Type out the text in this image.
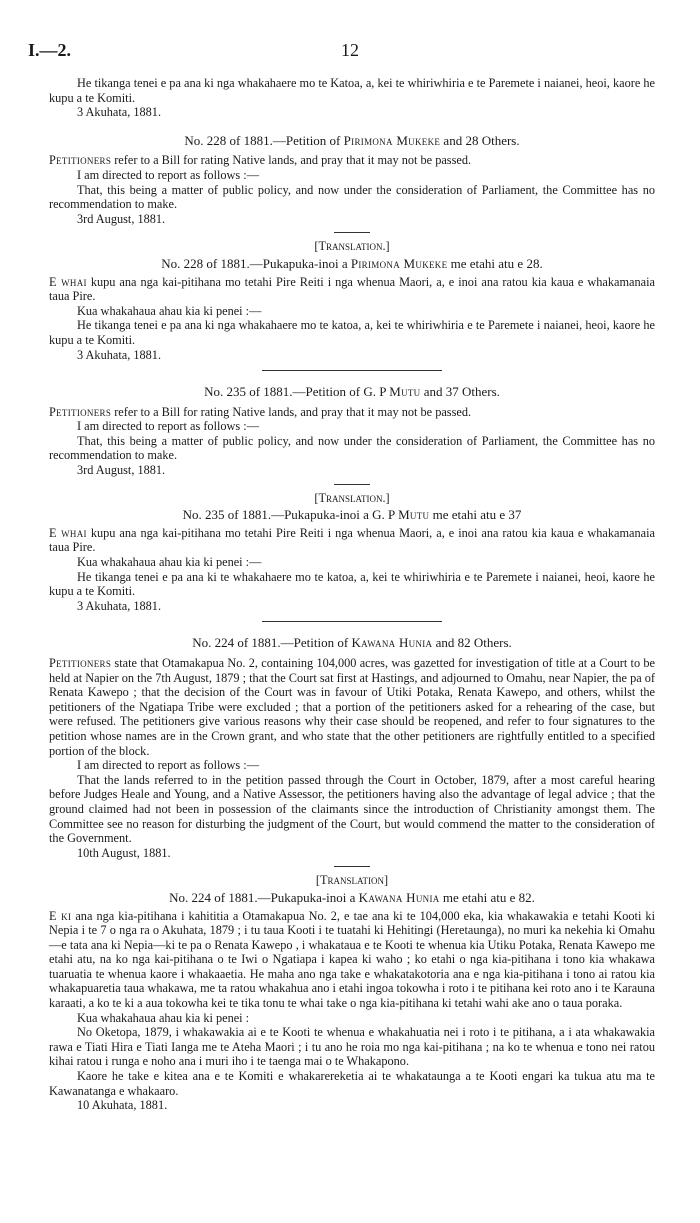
I.—2.	12

He tikanga tenei e pa ana ki nga whakahaere mo te Katoa, a, kei te whiriwhiria e te Paremete i naianei, heoi, kaore he kupu a te Komiti.

3 Akuhata, 1881.

No. 228 of 1881.—Petition of Pirimona Mukeke and 28 Others.

Petitioners refer to a Bill for rating Native lands, and pray that it may not be passed.

I am directed to report as follows :—

That, this being a matter of public policy, and now under the consideration of Parliament, the Committee has no recommendation to make.

3rd August, 1881.

[Translation.]
No. 228 of 1881.—Pukapuka-inoi a Pirimona Mukeke me etahi atu e 28.

E whai kupu ana nga kai-pitihana mo tetahi Pire Reiti i nga whenua Maori, a, e inoi ana ratou kia kaua e whakamanaia taua Pire.

Kua whakahaua ahau kia ki penei :—

He tikanga tenei e pa ana ki nga whakahaere mo te katoa, a, kei te whiriwhiria e te Paremete i naianei, heoi, kaore he kupu a te Komiti.

3 Akuhata, 1881.

No. 235 of 1881.—Petition of G. P Mutu and 37 Others.

Petitioners refer to a Bill for rating Native lands, and pray that it may not be passed.

I am directed to report as follows :—

That, this being a matter of public policy, and now under the consideration of Parliament, the Committee has no recommendation to make.

3rd August, 1881.

[Translation.]
No. 235 of 1881.—Pukapuka-inoi a G. P Mutu me etahi atu e 37

E whai kupu ana nga kai-pitihana mo tetahi Pire Reiti i nga whenua Maori, a, e inoi ana ratou kia kaua e whakamanaia taua Pire.

Kua whakahaua ahau kia ki penei :—

He tikanga tenei e pa ana ki te whakahaere mo te katoa, a, kei te whiriwhiria e te Paremete i naianei, heoi, kaore he kupu a te Komiti.

3 Akuhata, 1881.

No. 224 of 1881.—Petition of Kawana Hunia and 82 Others.

Petitioners state that Otamakapua No. 2, containing 104,000 acres, was gazetted for investigation of title at a Court to be held at Napier on the 7th August, 1879 ; that the Court sat first at Hastings, and adjourned to Omahu, near Napier, the pa of Renata Kawepo ; that the decision of the Court was in favour of Utiki Potaka, Renata Kawepo, and others, whilst the petitioners of the Ngatiapa Tribe were excluded ; that a portion of the petitioners asked for a rehearing of the case, but were refused. The petitioners give various reasons why their case should be reopened, and refer to four signatures to the petition whose names are in the Crown grant, and who state that the other petitioners are rightfully entitled to a specified portion of the block.

I am directed to report as follows :—

That the lands referred to in the petition passed through the Court in October, 1879, after a most careful hearing before Judges Heale and Young, and a Native Assessor, the petitioners having also the advantage of legal advice ; that the ground claimed had not been in possession of the claimants since the introduction of Christianity amongst them. The Committee see no reason for disturbing the judgment of the Court, but would commend the matter to the consideration of the Government.

10th August, 1881.

[Translation]
No. 224 of 1881.—Pukapuka-inoi a Kawana Hunia me etahi atu e 82.

E ki ana nga kia-pitihana i kahititia a Otamakapua No. 2, e tae ana ki te 104,000 eka, kia whakawakia e tetahi Kooti ki Nepia i te 7 o nga ra o Akuhata, 1879 ; i tu taua Kooti i te tuatahi ki Hehitingi (Heretaunga), no muri ka nekehia ki Omahu—e tata ana ki Nepia—ki te pa o Renata Kawepo , i whakataua e te Kooti te whenua kia Utiku Potaka, Renata Kawepo me etahi atu, na ko nga kai-pitihana o te Iwi o Ngatiapa i kapea ki waho ; ko etahi o nga kia-pitihana i tono kia whakawa tuaruatia te whenua kaore i whakaaetia. He maha ano nga take e whakatakotoria ana e nga kia-pitihana i tono ai ratou kia whakapuaretia taua whakawa, me ta ratou whakahua ano i etahi ingoa tokowha i roto i te pitihana kei roto ano i te Karauna karaati, a ko te ki a aua tokowha kei te tika tonu te whai take o nga kia-pitihana ki tetahi wahi ake ano o taua poraka.

Kua whakahaua ahau kia ki penei :

No Oketopa, 1879, i whakawakia ai e te Kooti te whenua e whakahuatia nei i roto i te pitihana, a i ata whakawakia rawa e Tiati Hira e Tiati Ianga me te Ateha Maori ; i tu ano he roia mo nga kai-pitihana ; na ko te whenua e tono nei ratou kihai ratou i runga e noho ana i muri iho i te taenga mai o te Whakapono.

Kaore he take e kitea ana e te Komiti e whakarereketia ai te whakataunga a te Kooti engari ka tukua atu ma te Kawanatanga e whakaaro.

10 Akuhata, 1881.
